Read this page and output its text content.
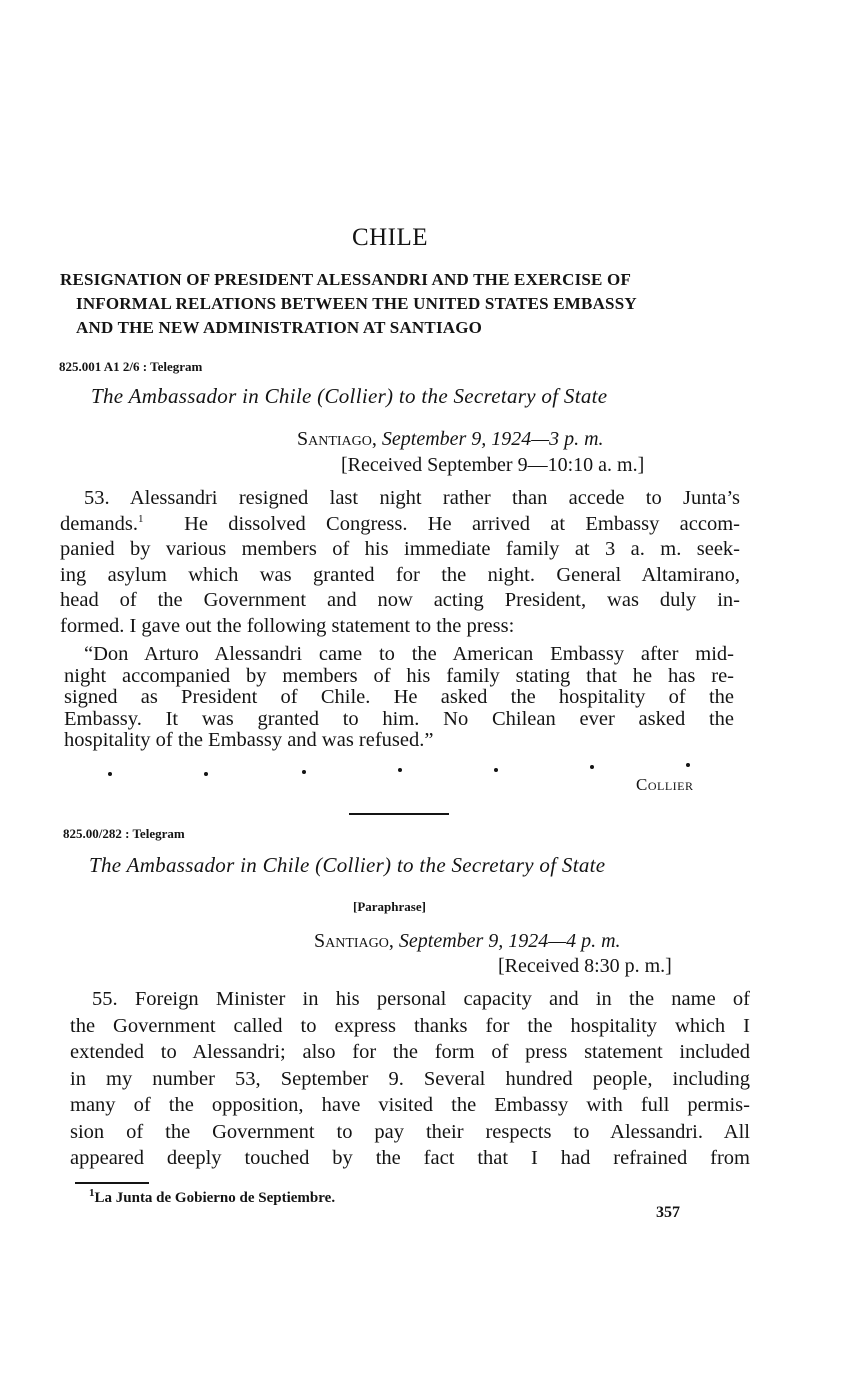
CHILE
RESIGNATION OF PRESIDENT ALESSANDRI AND THE EXERCISE OF
INFORMAL RELATIONS BETWEEN THE UNITED STATES EMBASSY
AND THE NEW ADMINISTRATION AT SANTIAGO
825.001 A1 2/6 : Telegram
The Ambassador in Chile (Collier) to the Secretary of State
Santiago, September 9, 1924—3 p. m.
[Received September 9—10:10 a. m.]
53. Alessandri resigned last night rather than accede to Junta’s
demands.$^1$ He dissolved Congress. He arrived at Embassy accom-
panied by various members of his immediate family at 3 a. m. seek-
ing asylum which was granted for the night. General Altamirano,
head of the Government and now acting President, was duly in-
formed. I gave out the following statement to the press:
“Don Arturo Alessandri came to the American Embassy after mid-
night accompanied by members of his family stating that he has re-
signed as President of Chile. He asked the hospitality of the
Embassy. It was granted to him. No Chilean ever asked the
hospitality of the Embassy and was refused.”
Collier
825.00/282 : Telegram
The Ambassador in Chile (Collier) to the Secretary of State
[Paraphrase]
Santiago, September 9, 1924—4 p. m.
[Received 8:30 p. m.]
55. Foreign Minister in his personal capacity and in the name of
the Government called to express thanks for the hospitality which I
extended to Alessandri; also for the form of press statement included
in my number 53, September 9. Several hundred people, including
many of the opposition, have visited the Embassy with full permis-
sion of the Government to pay their respects to Alessandri. All
appeared deeply touched by the fact that I had refrained from
$^1$La Junta de Gobierno de Septiembre.
357
